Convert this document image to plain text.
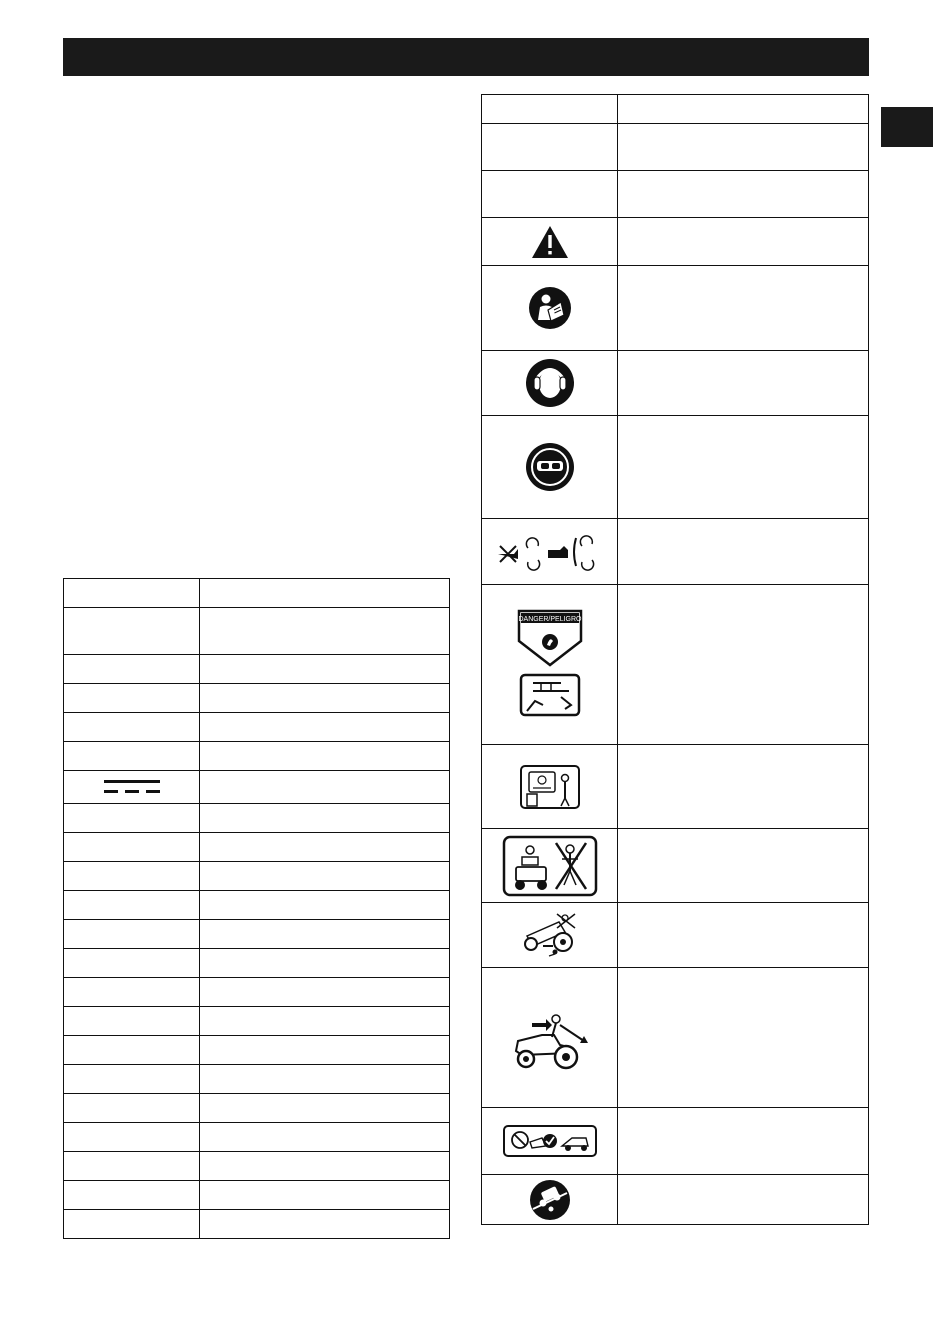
DANGER/PELIGRO	
